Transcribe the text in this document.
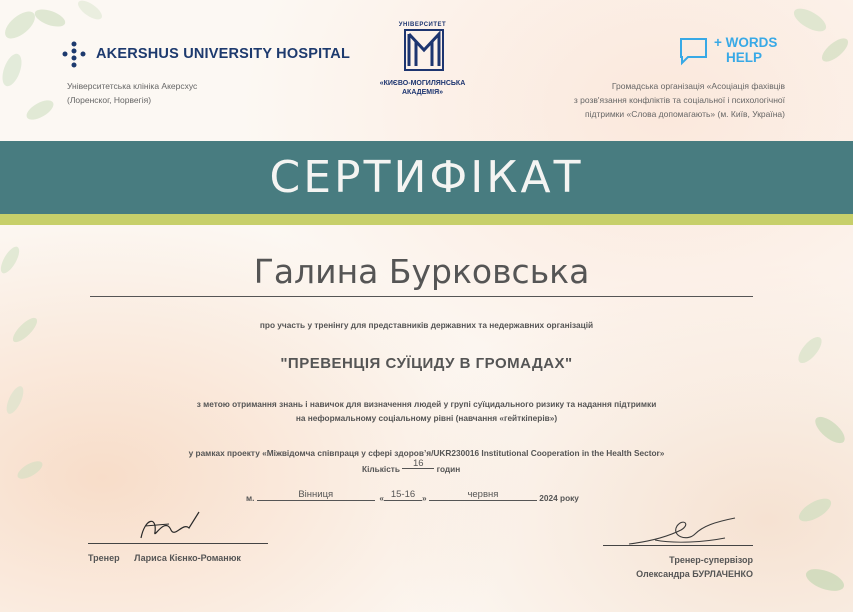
AKERSHUS UNIVERSITY HOSPITAL
Університетська клініка Акерсхус
(Лоренског, Норвегія)
УНІВЕРСИТЕТ
«КИЄВО-МОГИЛЯНСЬКА
АКАДЕМІЯ»
+ WORDS
HELP
Громадська організація «Асоціація фахівців
з розв'язання конфліктів та соціальної і психологічної
підтримки «Слова допомагають» (м. Київ, Україна)
СЕРТИФІКАТ
Галина Бурковська
про участь у тренінгу для представників державних та недержавних організацій
"ПРЕВЕНЦІЯ СУЇЦИДУ В ГРОМАДАХ"
з метою отримання знань і навичок для визначення людей у групі суїцидального ризику та надання підтримки
на неформальному соціальному рівні (навчання «гейткіперів»)
у рамках проекту «Міжвідомча співпраця у сфері здоров’я/UKR230016 Institutional Cooperation in the Health Sector»
Кількість 16 годин
м.	Вінниця	« 15-16 »	червня	2024 року
Тренер Лариса Кієнко-Романюк	Тренер-супервізор
Олександра БУРЛАЧЕНКО
